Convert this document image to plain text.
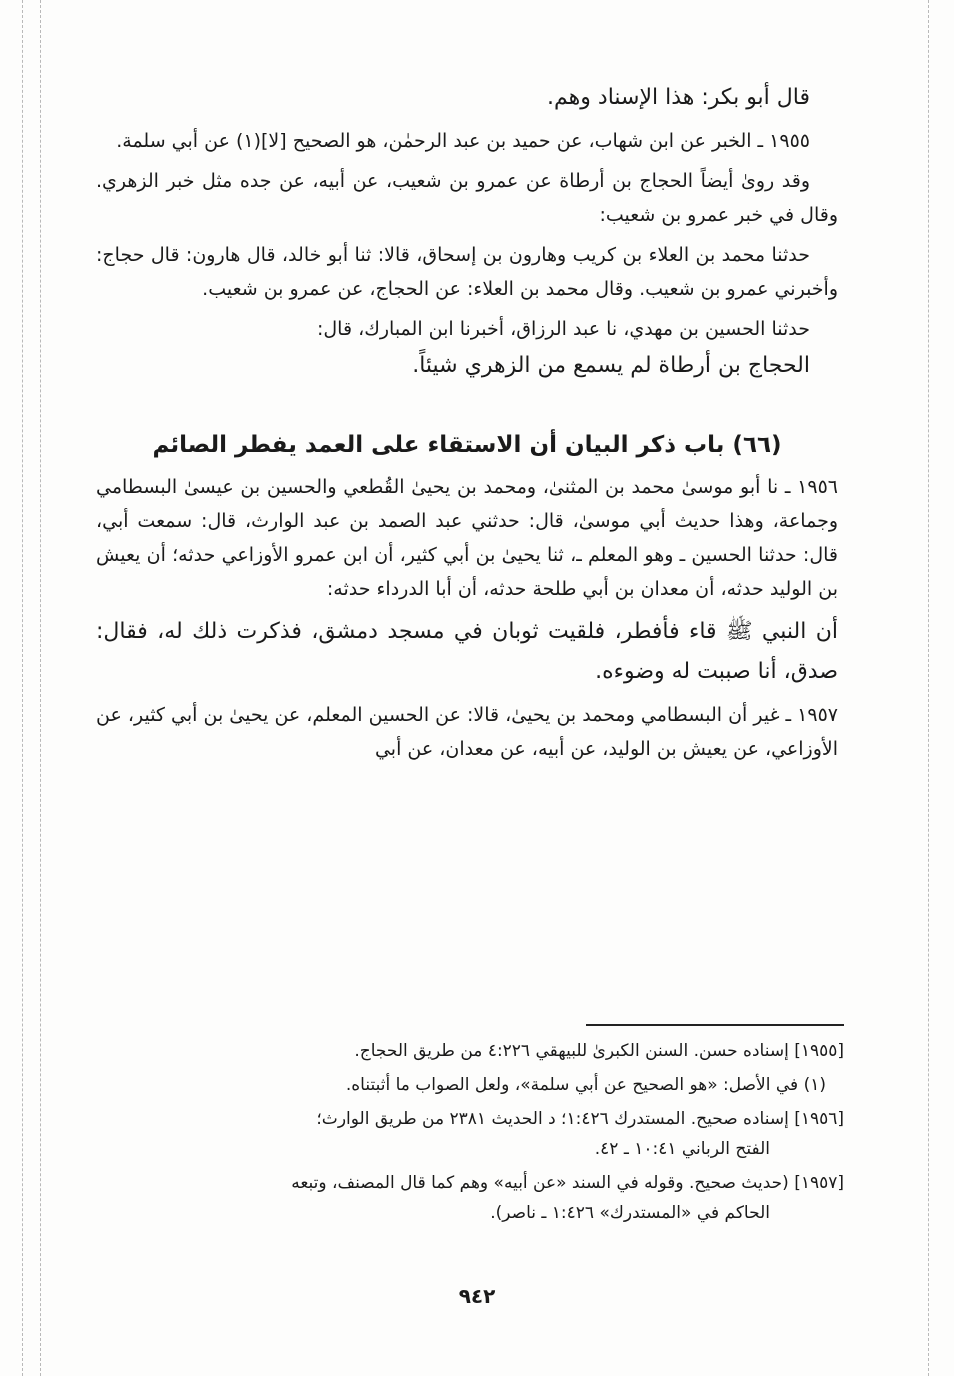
قال أبو بكر: هذا الإسناد وهم.

١٩٥٥ ـ الخبر عن ابن شهاب، عن حميد بن عبد الرحمٰن، هو الصحيح [لا](١) عن أبي سلمة.

وقد روىٰ أيضاً الحجاج بن أرطاة عن عمرو بن شعيب، عن أبيه، عن جده مثل خبر الزهري. وقال في خبر عمرو بن شعيب:

حدثنا محمد بن العلاء بن كريب وهارون بن إسحاق، قالا: ثنا أبو خالد، قال هارون: قال حجاج: وأخبرني عمرو بن شعيب. وقال محمد بن العلاء: عن الحجاج، عن عمرو بن شعيب.

حدثنا الحسين بن مهدي، نا عبد الرزاق، أخبرنا ابن المبارك، قال:

الحجاج بن أرطاة لم يسمع من الزهري شيئاً.

(٦٦) باب ذكر البيان أن الاستقاء على العمد يفطر الصائم

١٩٥٦ ـ نا أبو موسىٰ محمد بن المثنىٰ، ومحمد بن يحيىٰ القُطعي والحسين بن عيسىٰ البسطامي وجماعة، وهذا حديث أبي موسىٰ، قال: حدثني عبد الصمد بن عبد الوارث، قال: سمعت أبي، قال: حدثنا الحسين ـ وهو المعلم ـ، ثنا يحيىٰ بن أبي كثير، أن ابن عمرو الأوزاعي حدثه؛ أن يعيش بن الوليد حدثه، أن معدان بن أبي طلحة حدثه، أن أبا الدرداء حدثه:

أن النبي ﷺ قاء فأفطر، فلقيت ثوبان في مسجد دمشق، فذكرت ذلك له، فقال: صدق، أنا صببت له وضوءه.

١٩٥٧ ـ غير أن البسطامي ومحمد بن يحيىٰ، قالا: عن الحسين المعلم، عن يحيىٰ بن أبي كثير، عن الأوزاعي، عن يعيش بن الوليد، عن أبيه، عن معدان، عن أبي

[١٩٥٥] إسناده حسن. السنن الكبرىٰ للبيهقي ٤:٢٢٦ من طريق الحجاج.

(١) في الأصل: «هو الصحيح عن أبي سلمة»، ولعل الصواب ما أثبتناه.

[١٩٥٦] إسناده صحيح. المستدرك ١:٤٢٦؛ د الحديث ٢٣٨١ من طريق الوارث؛
الفتح الرباني ١٠:٤١ ـ ٤٢.

[١٩٥٧] (حديث صحيح. وقوله في السند «عن أبيه» وهم كما قال المصنف، وتبعه
الحاكم في «المستدرك» ١:٤٢٦ ـ ناصر).

٩٤٢
